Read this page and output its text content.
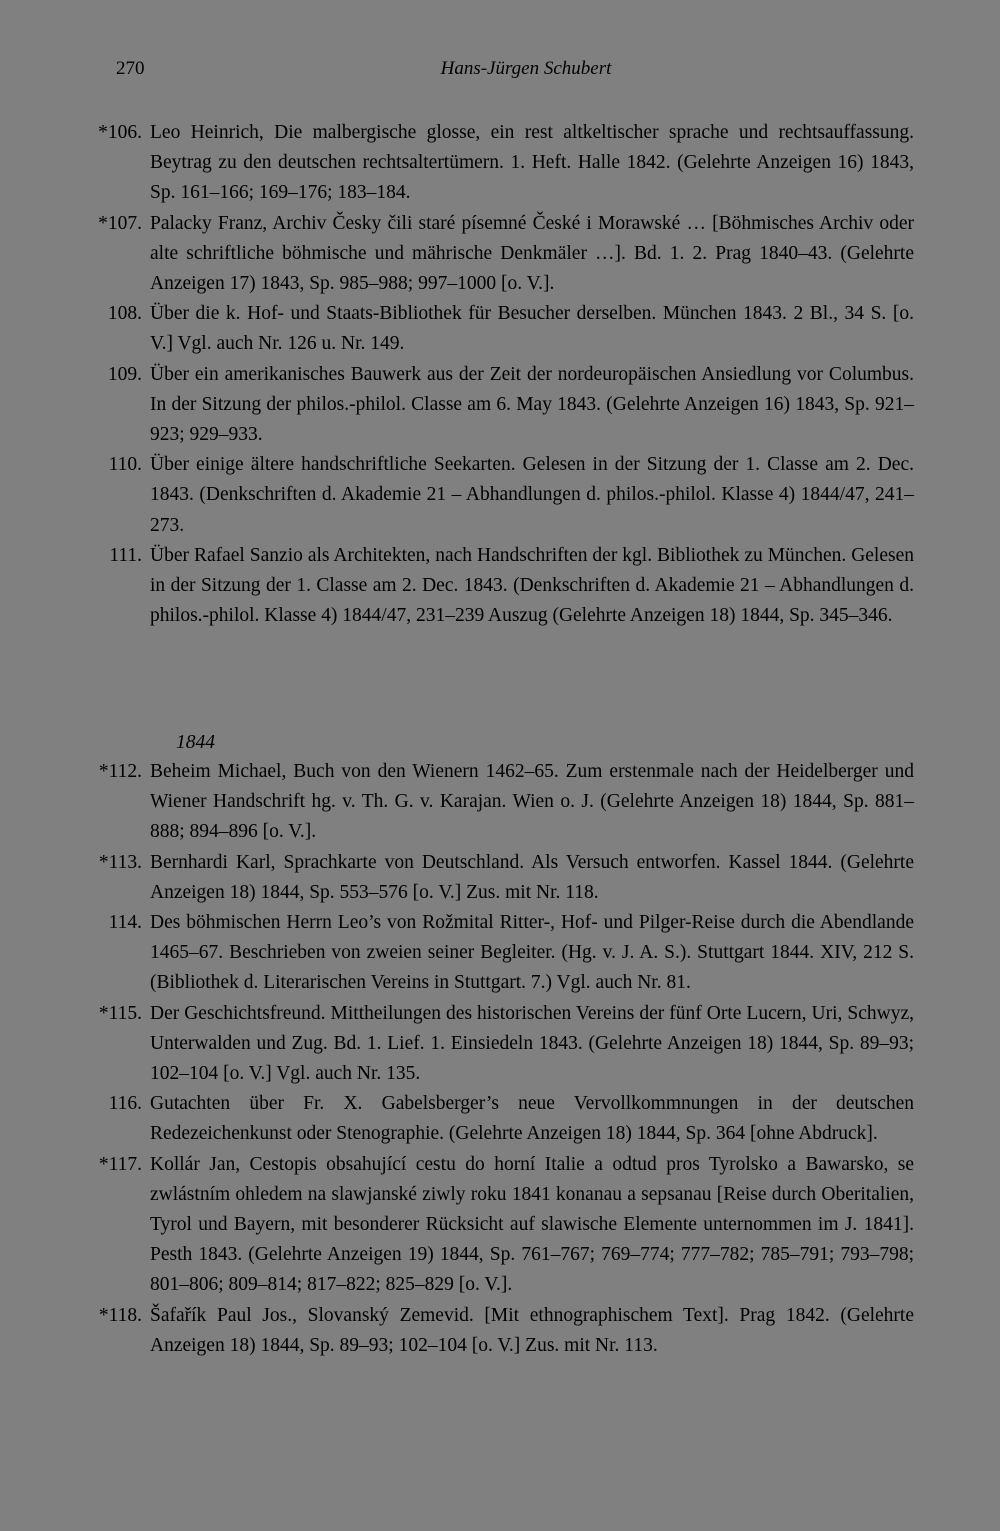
270	Hans-Jürgen Schubert
*106. Leo Heinrich, Die malbergische glosse, ein rest altkeltischer sprache und rechtsauffassung. Beytrag zu den deutschen rechtsaltertümern. 1. Heft. Halle 1842. (Gelehrte Anzeigen 16) 1843, Sp. 161–166; 169–176; 183–184.
*107. Palacky Franz, Archiv Česky čili staré písemné České i Morawské … [Böhmisches Archiv oder alte schriftliche böhmische und mährische Denkmäler …]. Bd. 1. 2. Prag 1840–43. (Gelehrte Anzeigen 17) 1843, Sp. 985–988; 997–1000 [o. V.].
108. Über die k. Hof- und Staats-Bibliothek für Besucher derselben. München 1843. 2 Bl., 34 S. [o. V.] Vgl. auch Nr. 126 u. Nr. 149.
109. Über ein amerikanisches Bauwerk aus der Zeit der nordeuropäischen Ansiedlung vor Columbus. In der Sitzung der philos.-philol. Classe am 6. May 1843. (Gelehrte Anzeigen 16) 1843, Sp. 921–923; 929–933.
110. Über einige ältere handschriftliche Seekarten. Gelesen in der Sitzung der 1. Classe am 2. Dec. 1843. (Denkschriften d. Akademie 21 – Abhandlungen d. philos.-philol. Klasse 4) 1844/47, 241–273.
111. Über Rafael Sanzio als Architekten, nach Handschriften der kgl. Bibliothek zu München. Gelesen in der Sitzung der 1. Classe am 2. Dec. 1843. (Denkschriften d. Akademie 21 – Abhandlungen d. philos.-philol. Klasse 4) 1844/47, 231–239 Auszug (Gelehrte Anzeigen 18) 1844, Sp. 345–346.
1844
*112. Beheim Michael, Buch von den Wienern 1462–65. Zum erstenmale nach der Heidelberger und Wiener Handschrift hg. v. Th. G. v. Karajan. Wien o. J. (Gelehrte Anzeigen 18) 1844, Sp. 881–888; 894–896 [o. V.].
*113. Bernhardi Karl, Sprachkarte von Deutschland. Als Versuch entworfen. Kassel 1844. (Gelehrte Anzeigen 18) 1844, Sp. 553–576 [o. V.] Zus. mit Nr. 118.
114. Des böhmischen Herrn Leo’s von Rožmital Ritter-, Hof- und Pilger-Reise durch die Abendlande 1465–67. Beschrieben von zweien seiner Begleiter. (Hg. v. J. A. S.). Stuttgart 1844. XIV, 212 S. (Bibliothek d. Literarischen Vereins in Stuttgart. 7.) Vgl. auch Nr. 81.
*115. Der Geschichtsfreund. Mittheilungen des historischen Vereins der fünf Orte Lucern, Uri, Schwyz, Unterwalden und Zug. Bd. 1. Lief. 1. Einsiedeln 1843. (Gelehrte Anzeigen 18) 1844, Sp. 89–93; 102–104 [o. V.] Vgl. auch Nr. 135.
116. Gutachten über Fr. X. Gabelsberger’s neue Vervollkommnungen in der deutschen Redezeichenkunst oder Stenographie. (Gelehrte Anzeigen 18) 1844, Sp. 364 [ohne Abdruck].
*117. Kollár Jan, Cestopis obsahující cestu do horní Italie a odtud pros Tyrolsko a Bawarsko, se zwlástním ohledem na slawjanské ziwly roku 1841 konanau a sepsanau [Reise durch Oberitalien, Tyrol und Bayern, mit besonderer Rücksicht auf slawische Elemente unternommen im J. 1841]. Pesth 1843. (Gelehrte Anzeigen 19) 1844, Sp. 761–767; 769–774; 777–782; 785–791; 793–798; 801–806; 809–814; 817–822; 825–829 [o. V.].
*118. Šafařík Paul Jos., Slovanský Zemevid. [Mit ethnographischem Text]. Prag 1842. (Gelehrte Anzeigen 18) 1844, Sp. 89–93; 102–104 [o. V.] Zus. mit Nr. 113.
